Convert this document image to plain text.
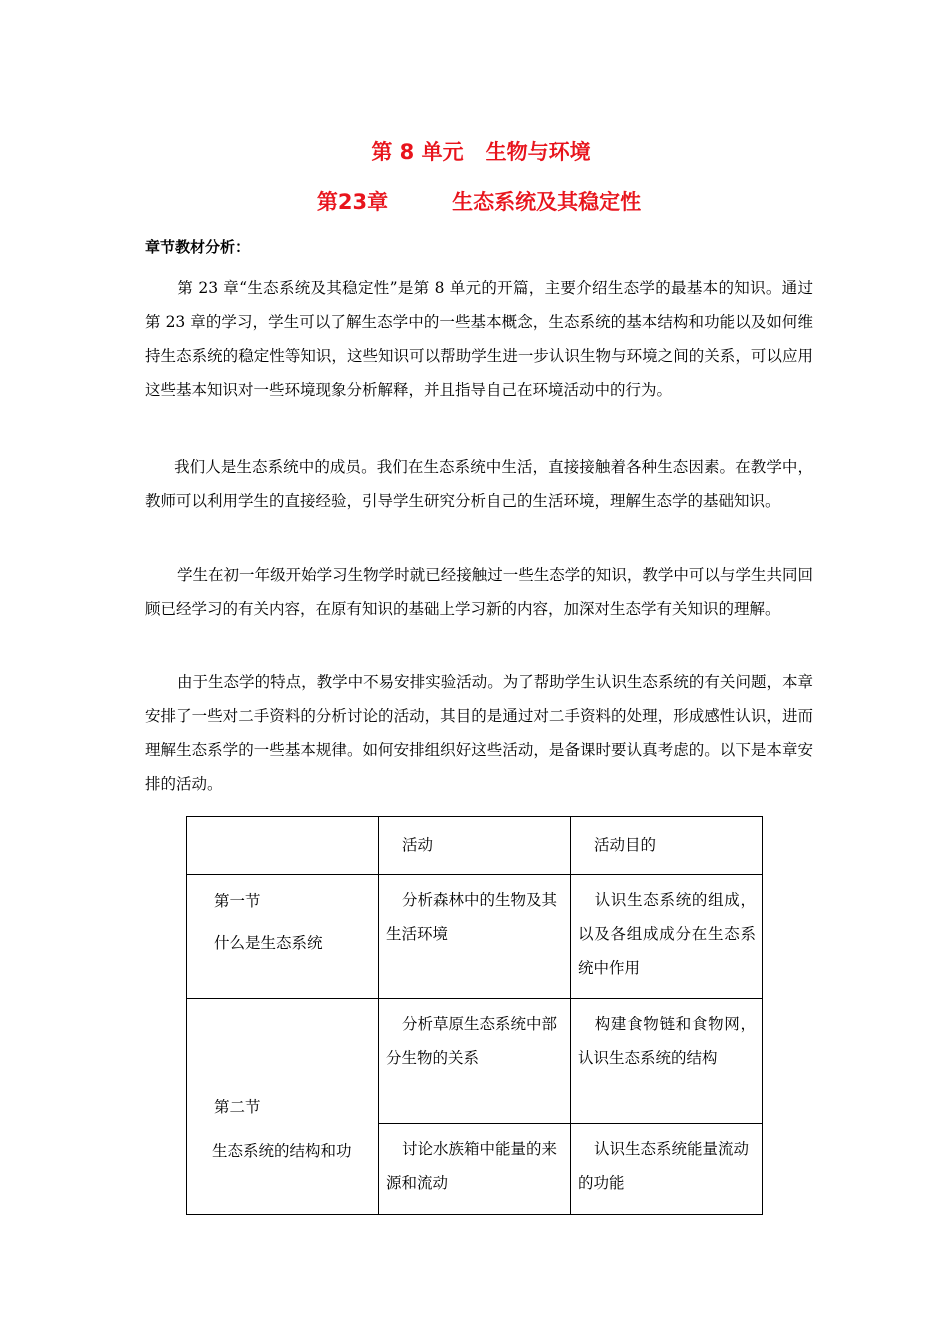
第 8 单元 生物与环境
第23章	生态系统及其稳定性
章节教材分析：

第 23 章“生态系统及其稳定性”是第 8 单元的开篇，主要介绍生态学的最基本的知识。通过第 23 章的学习，学生可以了解生态学中的一些基本概念，生态系统的基本结构和功能以及如何维持生态系统的稳定性等知识，这些知识可以帮助学生进一步认识生物与环境之间的关系，可以应用这些基本知识对一些环境现象分析解释，并且指导自己在环境活动中的行为。

我们人是生态系统中的成员。我们在生态系统中生活，直接接触着各种生态因素。在教学中，教师可以利用学生的直接经验，引导学生研究分析自己的生活环境，理解生态学的基础知识。

学生在初一年级开始学习生物学时就已经接触过一些生态学的知识，教学中可以与学生共同回顾已经学习的有关内容，在原有知识的基础上学习新的内容，加深对生态学有关知识的理解。

由于生态学的特点，教学中不易安排实验活动。为了帮助学生认识生态系统的有关问题，本章安排了一些对二手资料的分析讨论的活动，其目的是通过对二手资料的处理，形成感性认识，进而理解生态系学的一些基本规律。如何安排组织好这些活动，是备课时要认真考虑的。以下是本章安排的活动。

活动	活动目的
第一节
什么是生态系统

分析森林中的生物及其生活环境

认识生态系统的组成，以及各组成成分在生态系统中作用

第二节
生态系统的结构和功

分析草原生态系统中部分生物的关系

构建食物链和食物网，认识生态系统的结构

讨论水族箱中能量的来源和流动

认识生态系统能量流动的功能
